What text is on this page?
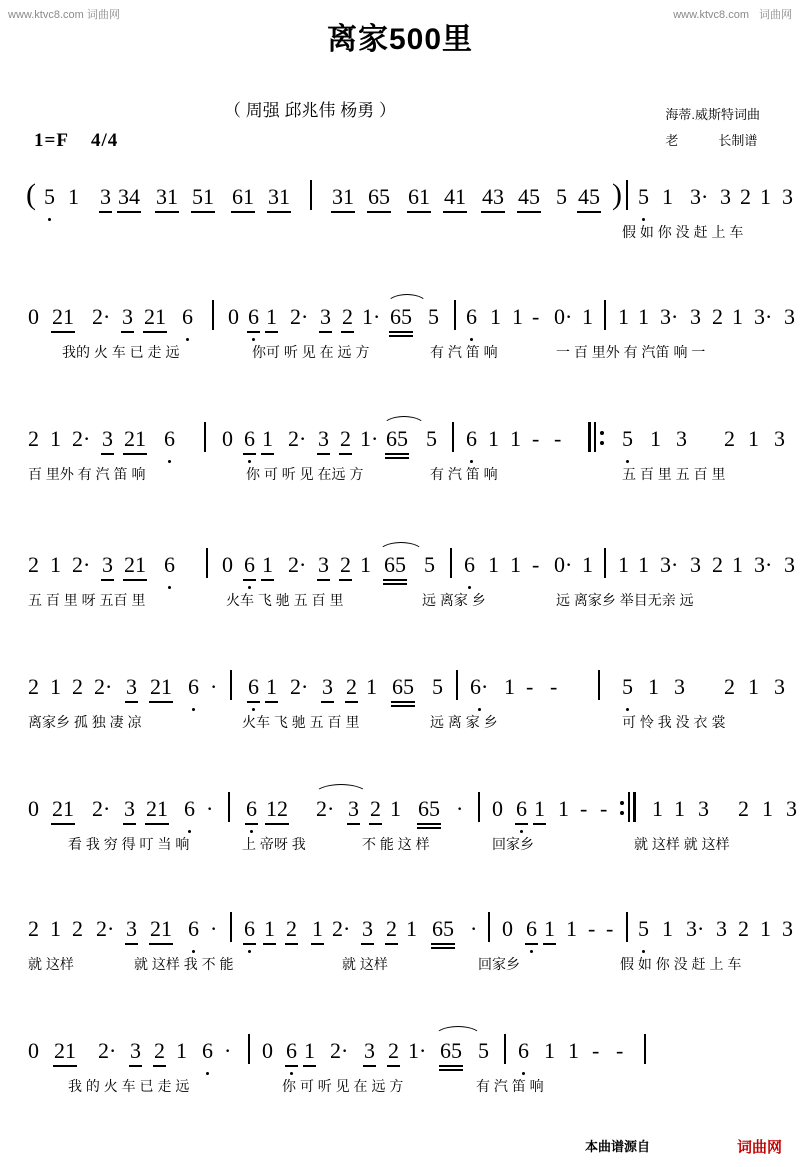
www.ktvc8.com 词曲网	www.ktvc8.com 词曲网
离家500里
（ 周强 邱兆伟 杨勇 ）	海蒂.威斯特词曲
老	长制谱
1=F 4/4
( 5 1 3 34 31 51 61 31 31 65 61 41 43 45 5 45 ) 5 1 3· 3 2 1 3
假 如 你 没 赶 上 车
0 21 2· 3 21 6 0 6 1 2· 3 2 1· 65 5 6 1 1 - 0· 1 1 1 3· 3 2 1 3· 3
我的 火 车 已 走 远	你可 听 见 在 远 方	有 汽 笛 响	一 百 里外 有 汽笛 响 一
2 1 2· 3 21 6 0 6 1 2· 3 2 1· 65 5 6 1 1 - -	5 1 3 2 1 3
百 里外 有 汽 笛 响	你 可 听 见 在远 方	有 汽 笛 响	五 百 里 五 百 里
2 1 2· 3 21 6 0 6 1 2· 3 2 1 65 5 6 1 1 - 0· 1 1 1 3· 3 2 1 3· 3
五 百 里 呀 五百 里	火车 飞 驰 五 百 里	远 离家 乡	远 离家乡 举目无亲 远
2 1 2 2· 3 21 6 · 6 1 2· 3 2 1 65 5 6· 1 - -	5 1 3 2 1 3
离家乡 孤 独 凄 凉	火车 飞 驰 五 百 里	远 离 家 乡	可 怜 我 没 衣 裳
0 21 2· 3 21 6 · 6 12 2· 3 2 1 65 · 0 6 1 1 - - 1 1 3 2 1 3
看 我 穷 得 叮 当 响	上 帝呀 我	不 能 这 样	回家乡	就 这样 就 这样
2 1 2 2· 3 21 6 · 6 1 2 1 2· 3 2 1 65 · 0 6 1 1 - - 5 1 3· 3 2 1 3
就 这样	就 这样 我 不 能	就 这样	回家乡	假 如 你 没 赶 上 车
0 21 2· 3 2 1 6 · 0 6 1 2· 3 2 1· 65 5 6 1 1 - -
我 的 火 车 已 走 远	你 可 听 见 在 远 方	有 汽 笛 响
本曲谱源自	词曲网
